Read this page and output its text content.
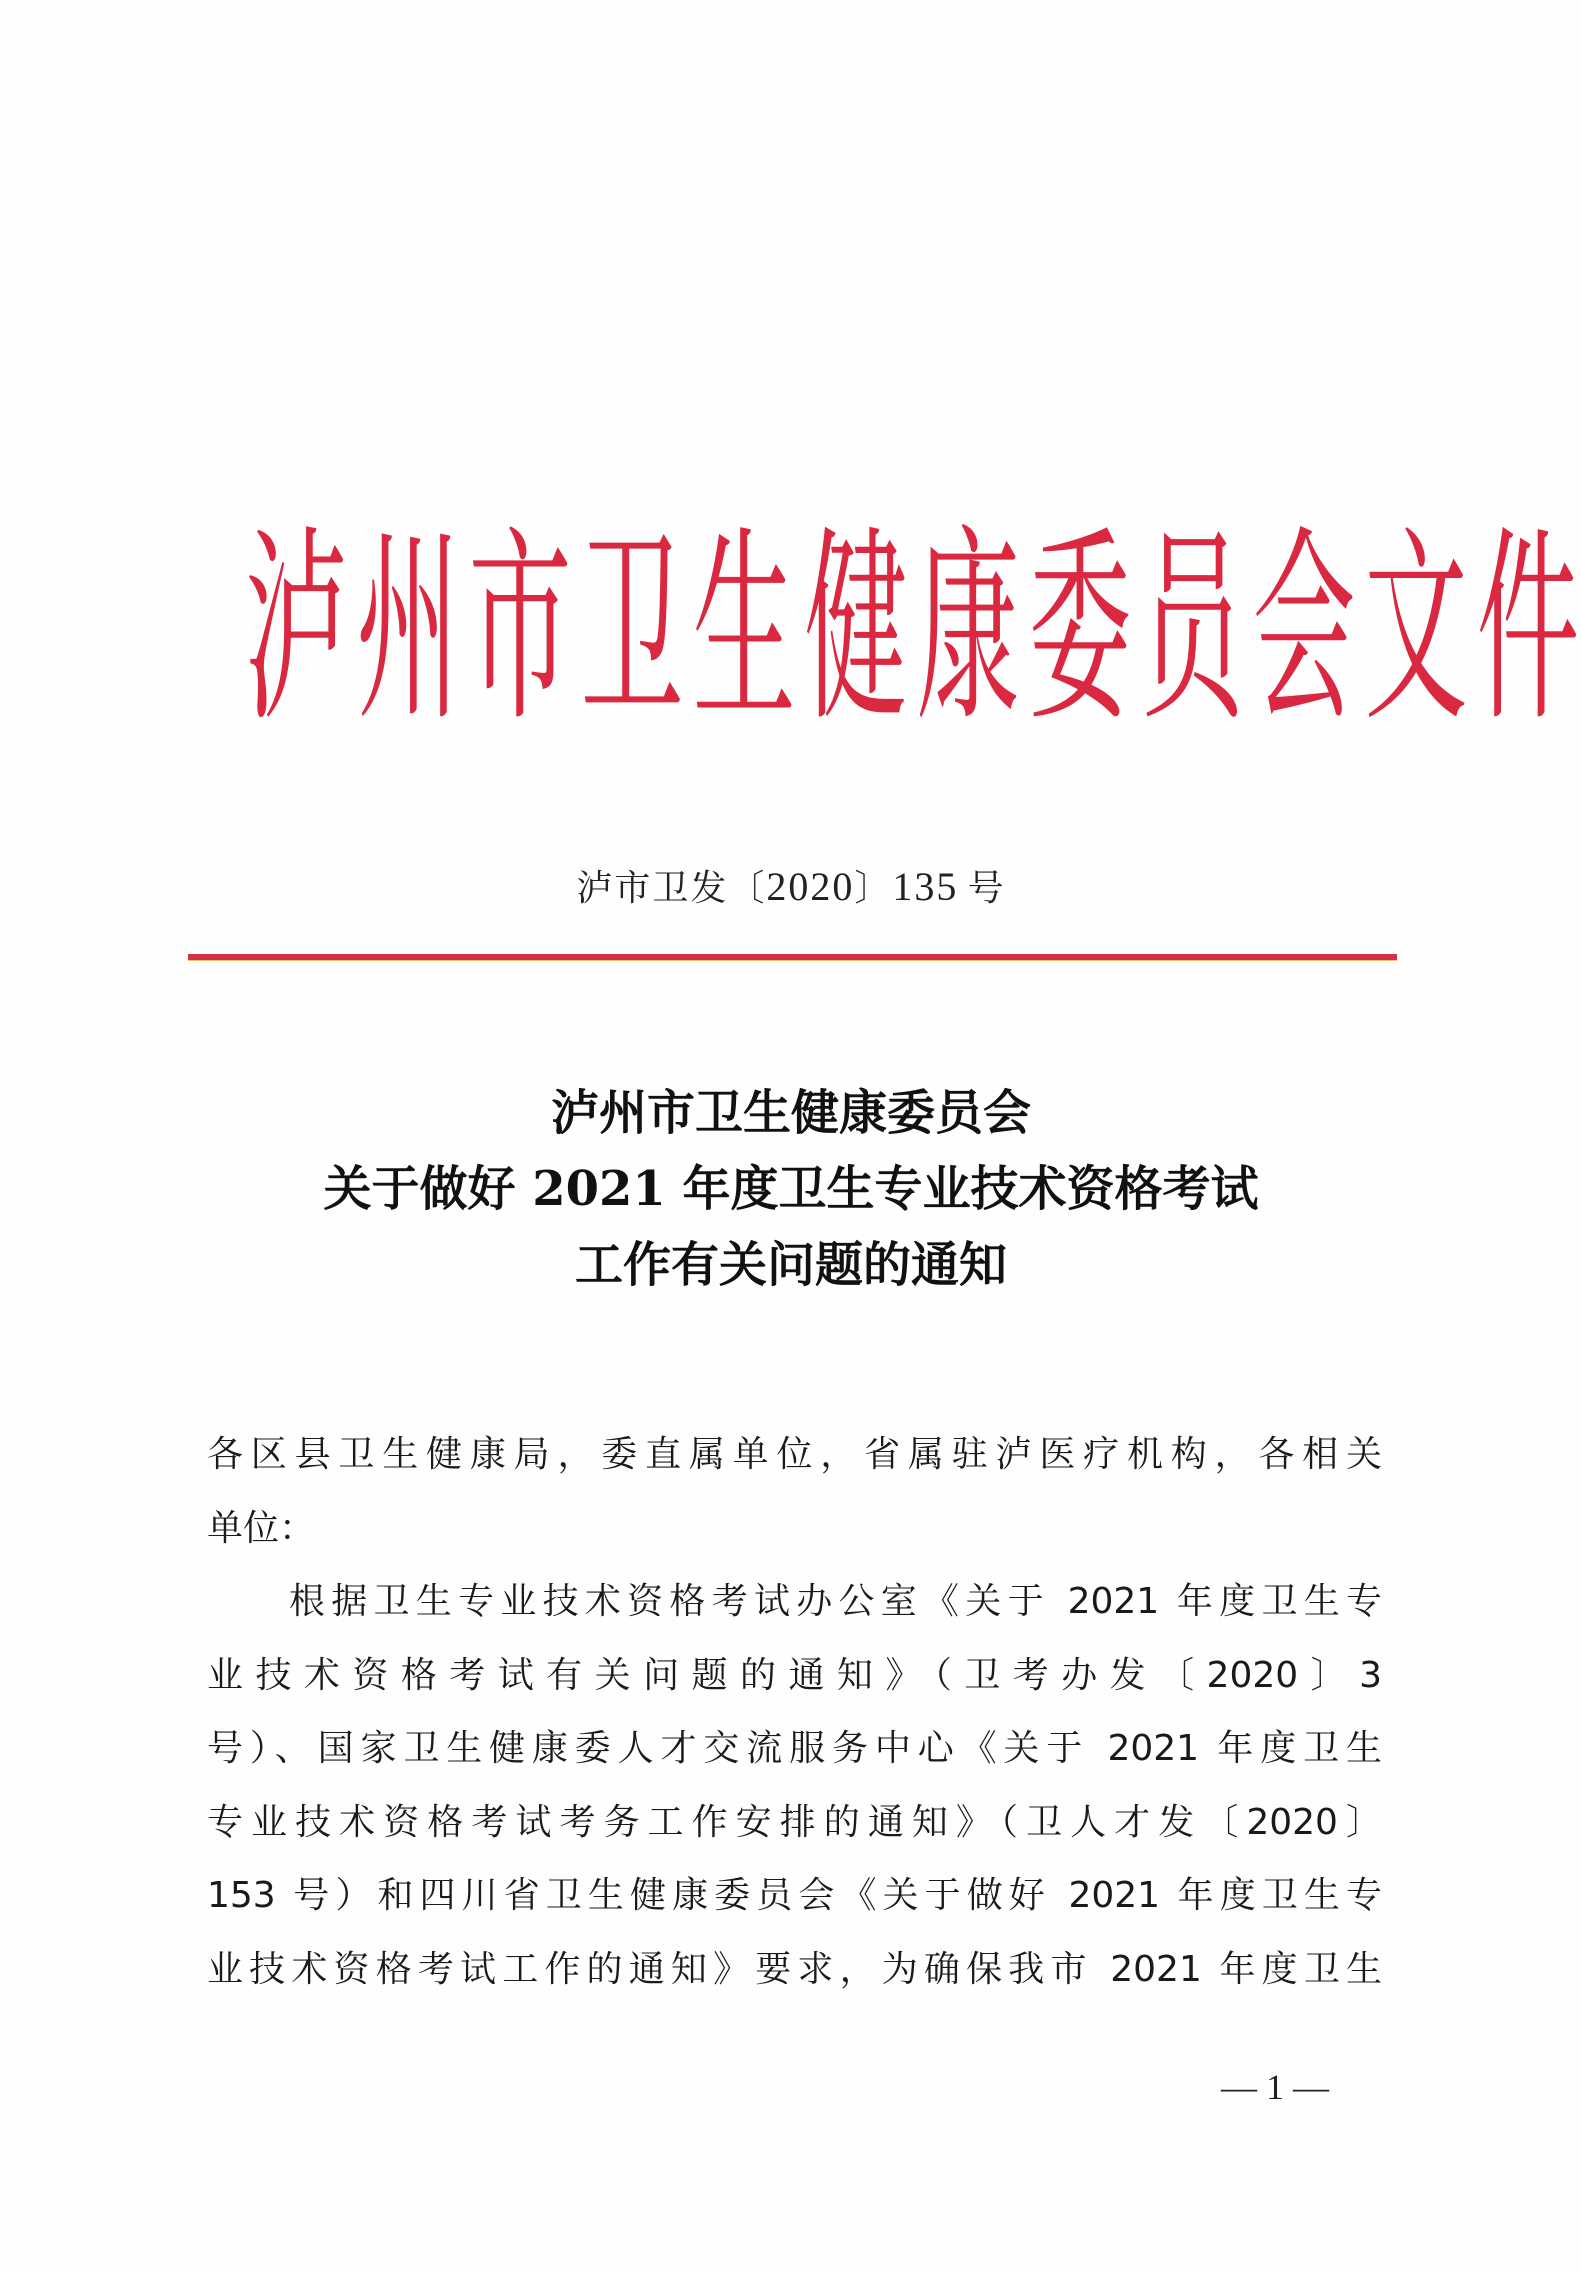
泸 州 市 卫 生 健 康 委 员 会 文 件
泸市卫发〔2020〕135  号
泸州市卫生健康委员会
关于做好 2021 年度卫生专业技术资格考试
工作有关问题的通知
各区县卫生健康局，委直属单位，省属驻泸医疗机构，各相关
单位：
根据卫生专业技术资格考试办公室《关于 2021 年度卫生专
业技术资格考试有关问题的通知》（卫考办发〔2020〕3
号）、国家卫生健康委人才交流服务中心《关于 2021 年度卫生
专业技术资格考试考务工作安排的通知》（卫人才发〔2020〕
153 号）和四川省卫生健康委员会《关于做好 2021 年度卫生专
业技术资格考试工作的通知》要求，为确保我市 2021 年度卫生
— 1 —
